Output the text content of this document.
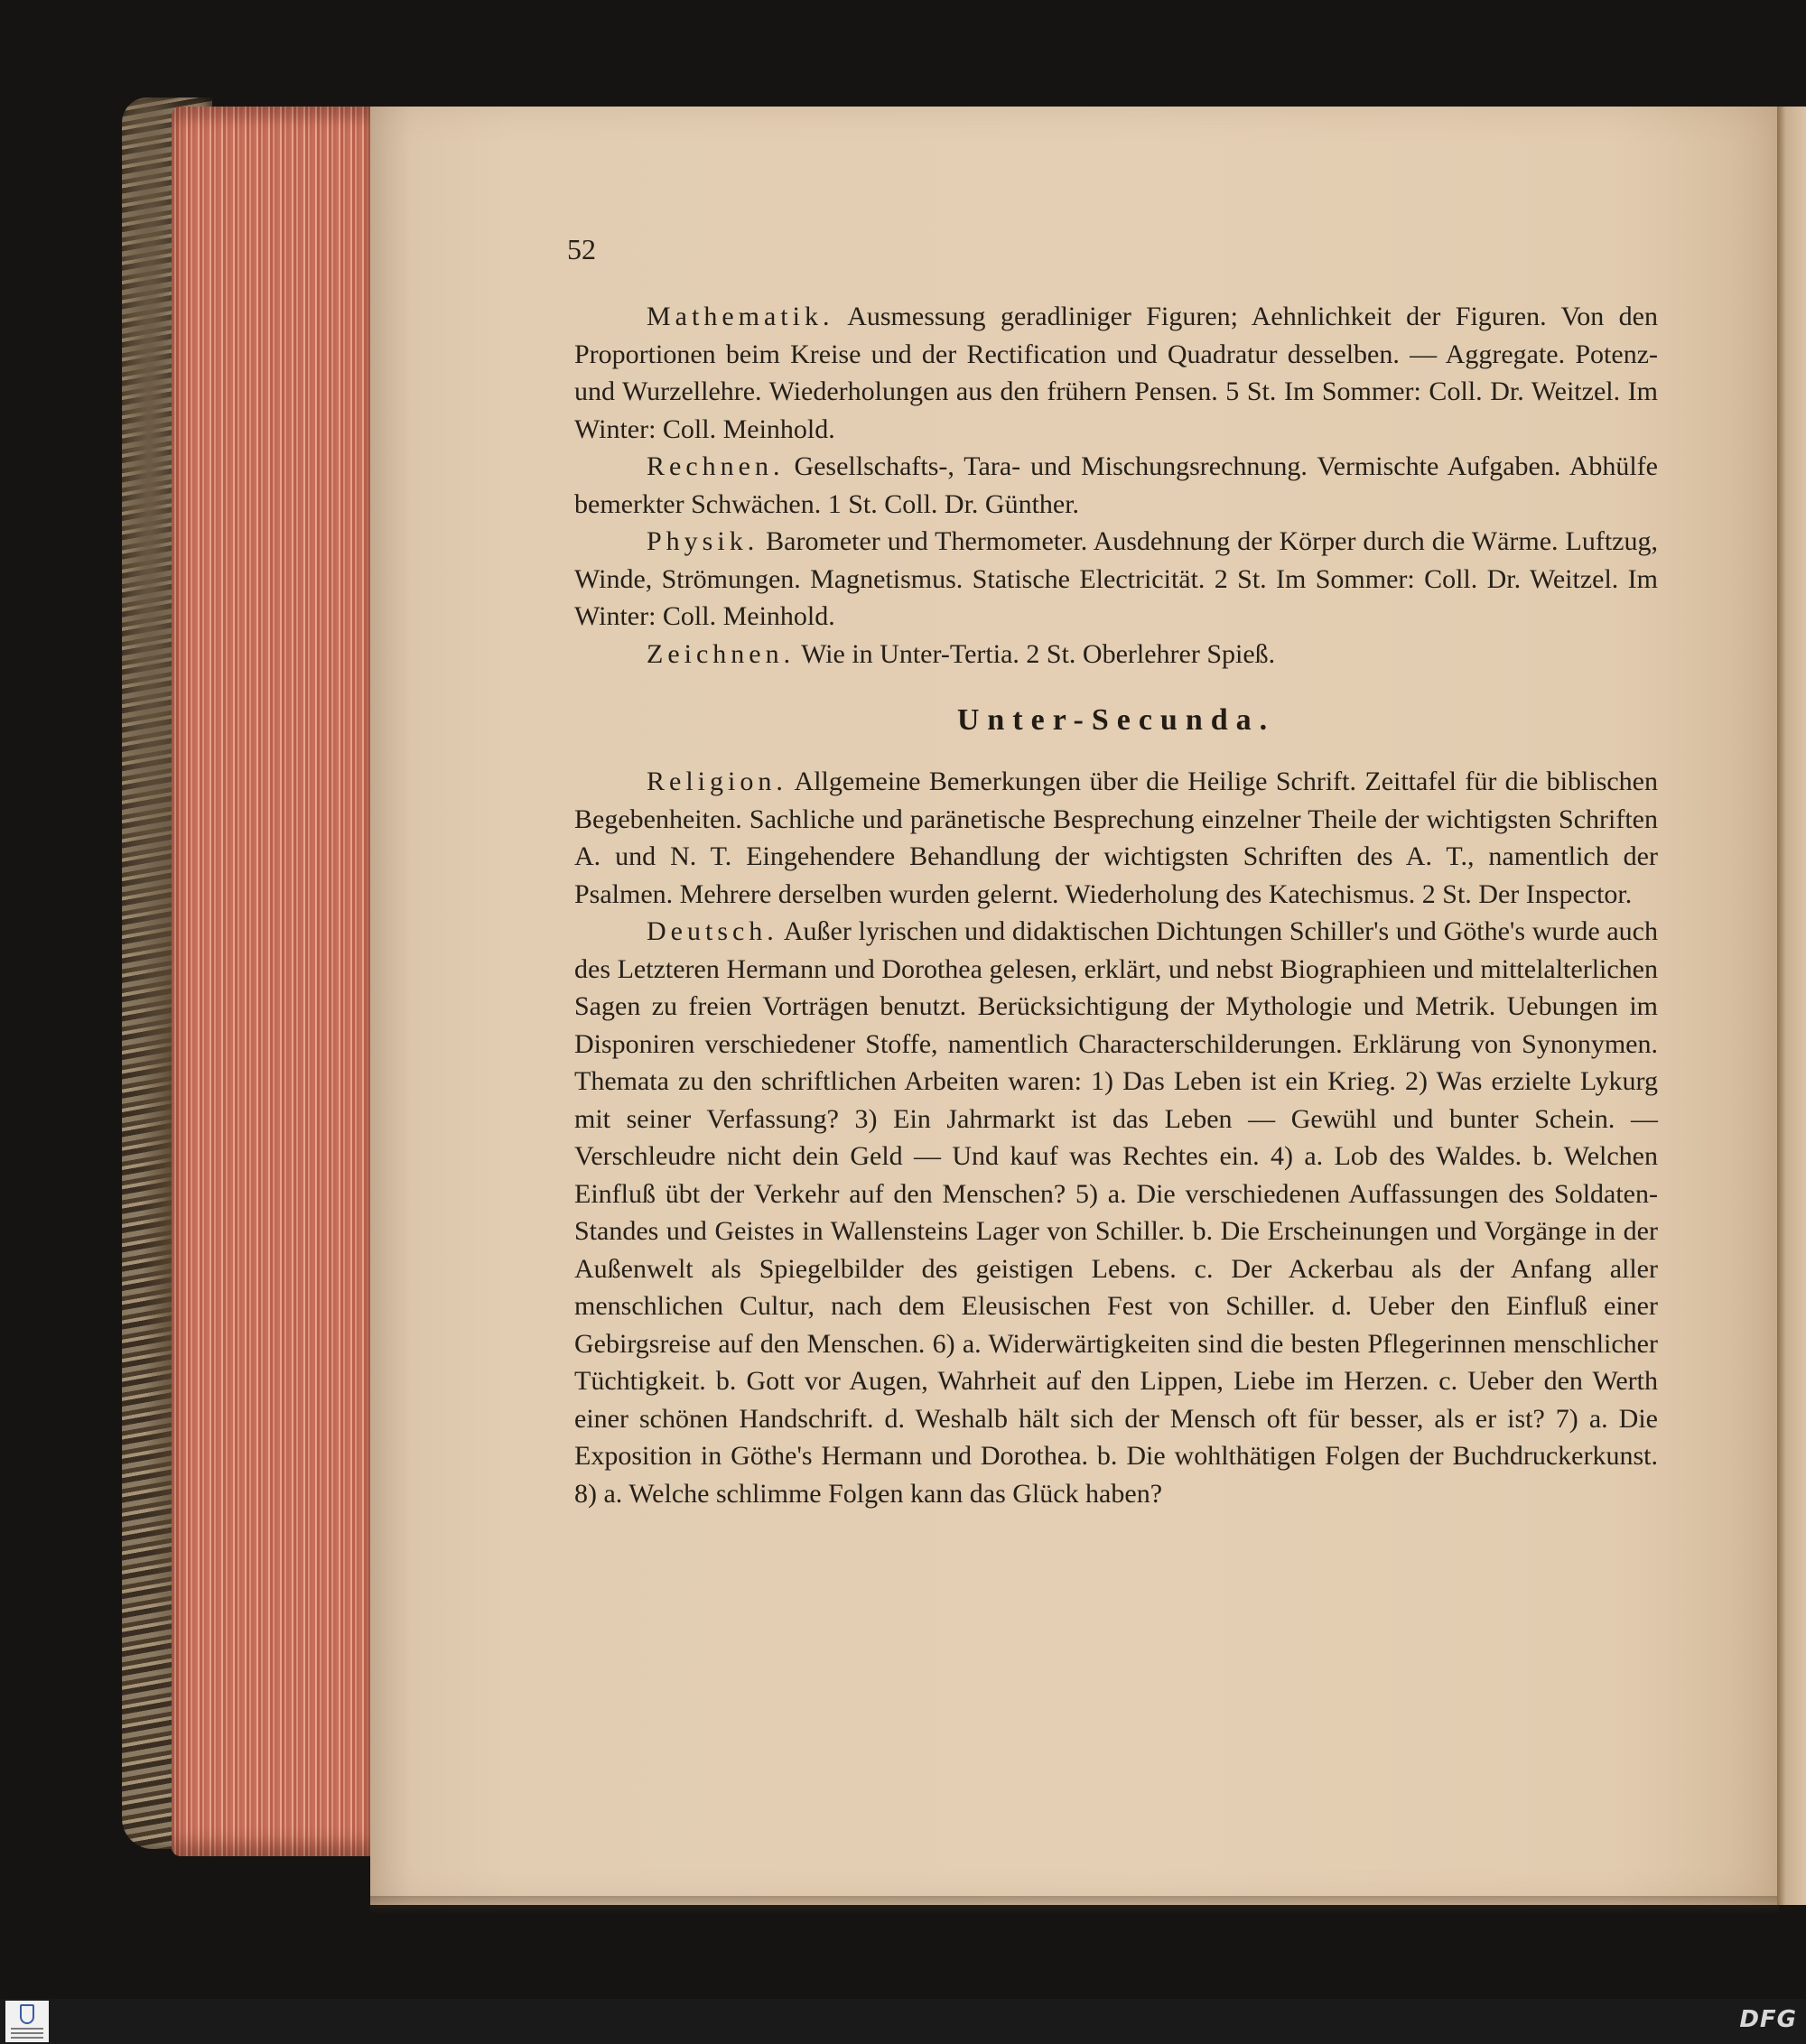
52

Mathematik. Ausmessung geradliniger Figuren; Aehnlichkeit der Figuren. Von den Proportionen beim Kreise und der Rectification und Quadratur desselben. — Aggregate. Potenz- und Wurzellehre. Wiederholungen aus den frühern Pensen. 5 St. Im Sommer: Coll. Dr. Weitzel. Im Winter: Coll. Meinhold.

Rechnen. Gesellschafts-, Tara- und Mischungsrechnung. Vermischte Aufgaben. Abhülfe bemerkter Schwächen. 1 St. Coll. Dr. Günther.

Physik. Barometer und Thermometer. Ausdehnung der Körper durch die Wärme. Luftzug, Winde, Strömungen. Magnetismus. Statische Electricität. 2 St. Im Sommer: Coll. Dr. Weitzel. Im Winter: Coll. Meinhold.

Zeichnen. Wie in Unter-Tertia. 2 St. Oberlehrer Spieß.

Unter-Secunda.

Religion. Allgemeine Bemerkungen über die Heilige Schrift. Zeittafel für die biblischen Begebenheiten. Sachliche und paränetische Besprechung einzelner Theile der wichtigsten Schriften A. und N. T. Eingehendere Behandlung der wichtigsten Schriften des A. T., namentlich der Psalmen. Mehrere derselben wurden gelernt. Wiederholung des Katechismus. 2 St. Der Inspector.

Deutsch. Außer lyrischen und didaktischen Dichtungen Schiller's und Göthe's wurde auch des Letzteren Hermann und Dorothea gelesen, erklärt, und nebst Biographieen und mittelalterlichen Sagen zu freien Vorträgen benutzt. Berücksichtigung der Mythologie und Metrik. Uebungen im Disponiren verschiedener Stoffe, namentlich Characterschilderungen. Erklärung von Synonymen. Themata zu den schriftlichen Arbeiten waren: 1) Das Leben ist ein Krieg. 2) Was erzielte Lykurg mit seiner Verfassung? 3) Ein Jahrmarkt ist das Leben — Gewühl und bunter Schein. — Verschleudre nicht dein Geld — Und kauf was Rechtes ein. 4) a. Lob des Waldes. b. Welchen Einfluß übt der Verkehr auf den Menschen? 5) a. Die verschiedenen Auffassungen des Soldaten-Standes und Geistes in Wallensteins Lager von Schiller. b. Die Erscheinungen und Vorgänge in der Außenwelt als Spiegelbilder des geistigen Lebens. c. Der Ackerbau als der Anfang aller menschlichen Cultur, nach dem Eleusischen Fest von Schiller. d. Ueber den Einfluß einer Gebirgsreise auf den Menschen. 6) a. Widerwärtigkeiten sind die besten Pflegerinnen menschlicher Tüchtigkeit. b. Gott vor Augen, Wahrheit auf den Lippen, Liebe im Herzen. c. Ueber den Werth einer schönen Handschrift. d. Weshalb hält sich der Mensch oft für besser, als er ist? 7) a. Die Exposition in Göthe's Hermann und Dorothea. b. Die wohlthätigen Folgen der Buchdruckerkunst. 8) a. Welche schlimme Folgen kann das Glück haben?

DFG
